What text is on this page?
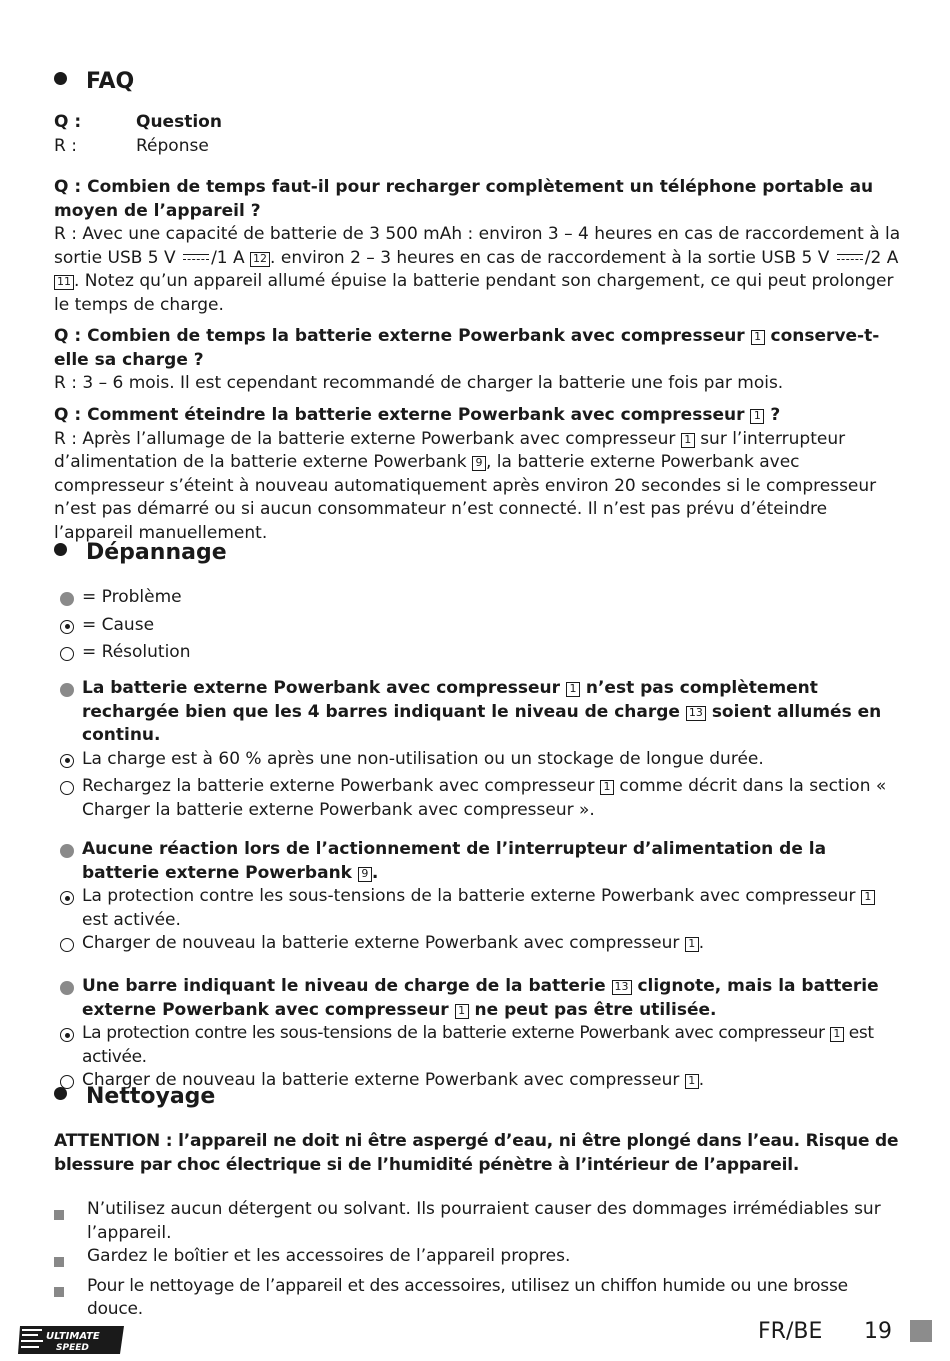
FAQ
Q :	Question
R :	Réponse
Q : Combien de temps faut-il pour recharger complètement un téléphone portable au moyen de l’appareil ?
R : Avec une capacité de batterie de 3 500 mAh : environ 3 – 4 heures en cas de raccordement à la sortie USB 5 V /1 A 12 . environ 2 – 3 heures en cas de raccordement à la sortie USB 5 V /2 A 11 . Notez qu’un appareil allumé épuise la batterie pendant son chargement, ce qui peut prolonger le temps de charge.
Q : Combien de temps la batterie externe Powerbank avec compresseur 1 conserve-t-elle sa charge ?
R : 3 – 6 mois. Il est cependant recommandé de charger la batterie une fois par mois.
Q : Comment éteindre la batterie externe Powerbank avec compresseur 1 ?
R : Après l’allumage de la batterie externe Powerbank avec compresseur 1 sur l’interrupteur d’alimentation de la batterie externe Powerbank 9 , la batterie externe Powerbank avec compresseur s’éteint à nouveau automatiquement après environ 20 secondes si le compresseur n’est pas démarré ou si aucun consommateur n’est connecté. Il n’est pas prévu d’éteindre l’appareil manuellement.
Dépannage
= Problème
= Cause
= Résolution
La batterie externe Powerbank avec compresseur 1 n’est pas complètement rechargée bien que les 4 barres indiquant le niveau de charge 13 soient allumés en continu.
La charge est à 60 % après une non-utilisation ou un stockage de longue durée.
Rechargez la batterie externe Powerbank avec compresseur 1 comme décrit dans la section « Charger la batterie externe Powerbank avec compresseur ».
Aucune réaction lors de l’actionnement de l’interrupteur d’alimentation de la batterie externe Powerbank 9 .
La protection contre les sous-tensions de la batterie externe Powerbank avec compresseur 1 est activée.
Charger de nouveau la batterie externe Powerbank avec compresseur 1 .
Une barre indiquant le niveau de charge de la batterie 13 clignote, mais la batterie externe Powerbank avec compresseur 1 ne peut pas être utilisée.
La protection contre les sous-tensions de la batterie externe Powerbank avec compresseur 1 est activée.
Charger de nouveau la batterie externe Powerbank avec compresseur 1 .
Nettoyage
ATTENTION : l’appareil ne doit ni être aspergé d’eau, ni être plongé dans l’eau. Risque de blessure par choc électrique si de l’humidité pénètre à l’intérieur de l’appareil.
N’utilisez aucun détergent ou solvant. Ils pourraient causer des dommages irrémédiables sur l’appareil.
Gardez le boîtier et les accessoires de l’appareil propres.
Pour le nettoyage de l’appareil et des accessoires, utilisez un chiffon humide ou une brosse douce.
ULTIMATE
SPEED
FR/BE 19
